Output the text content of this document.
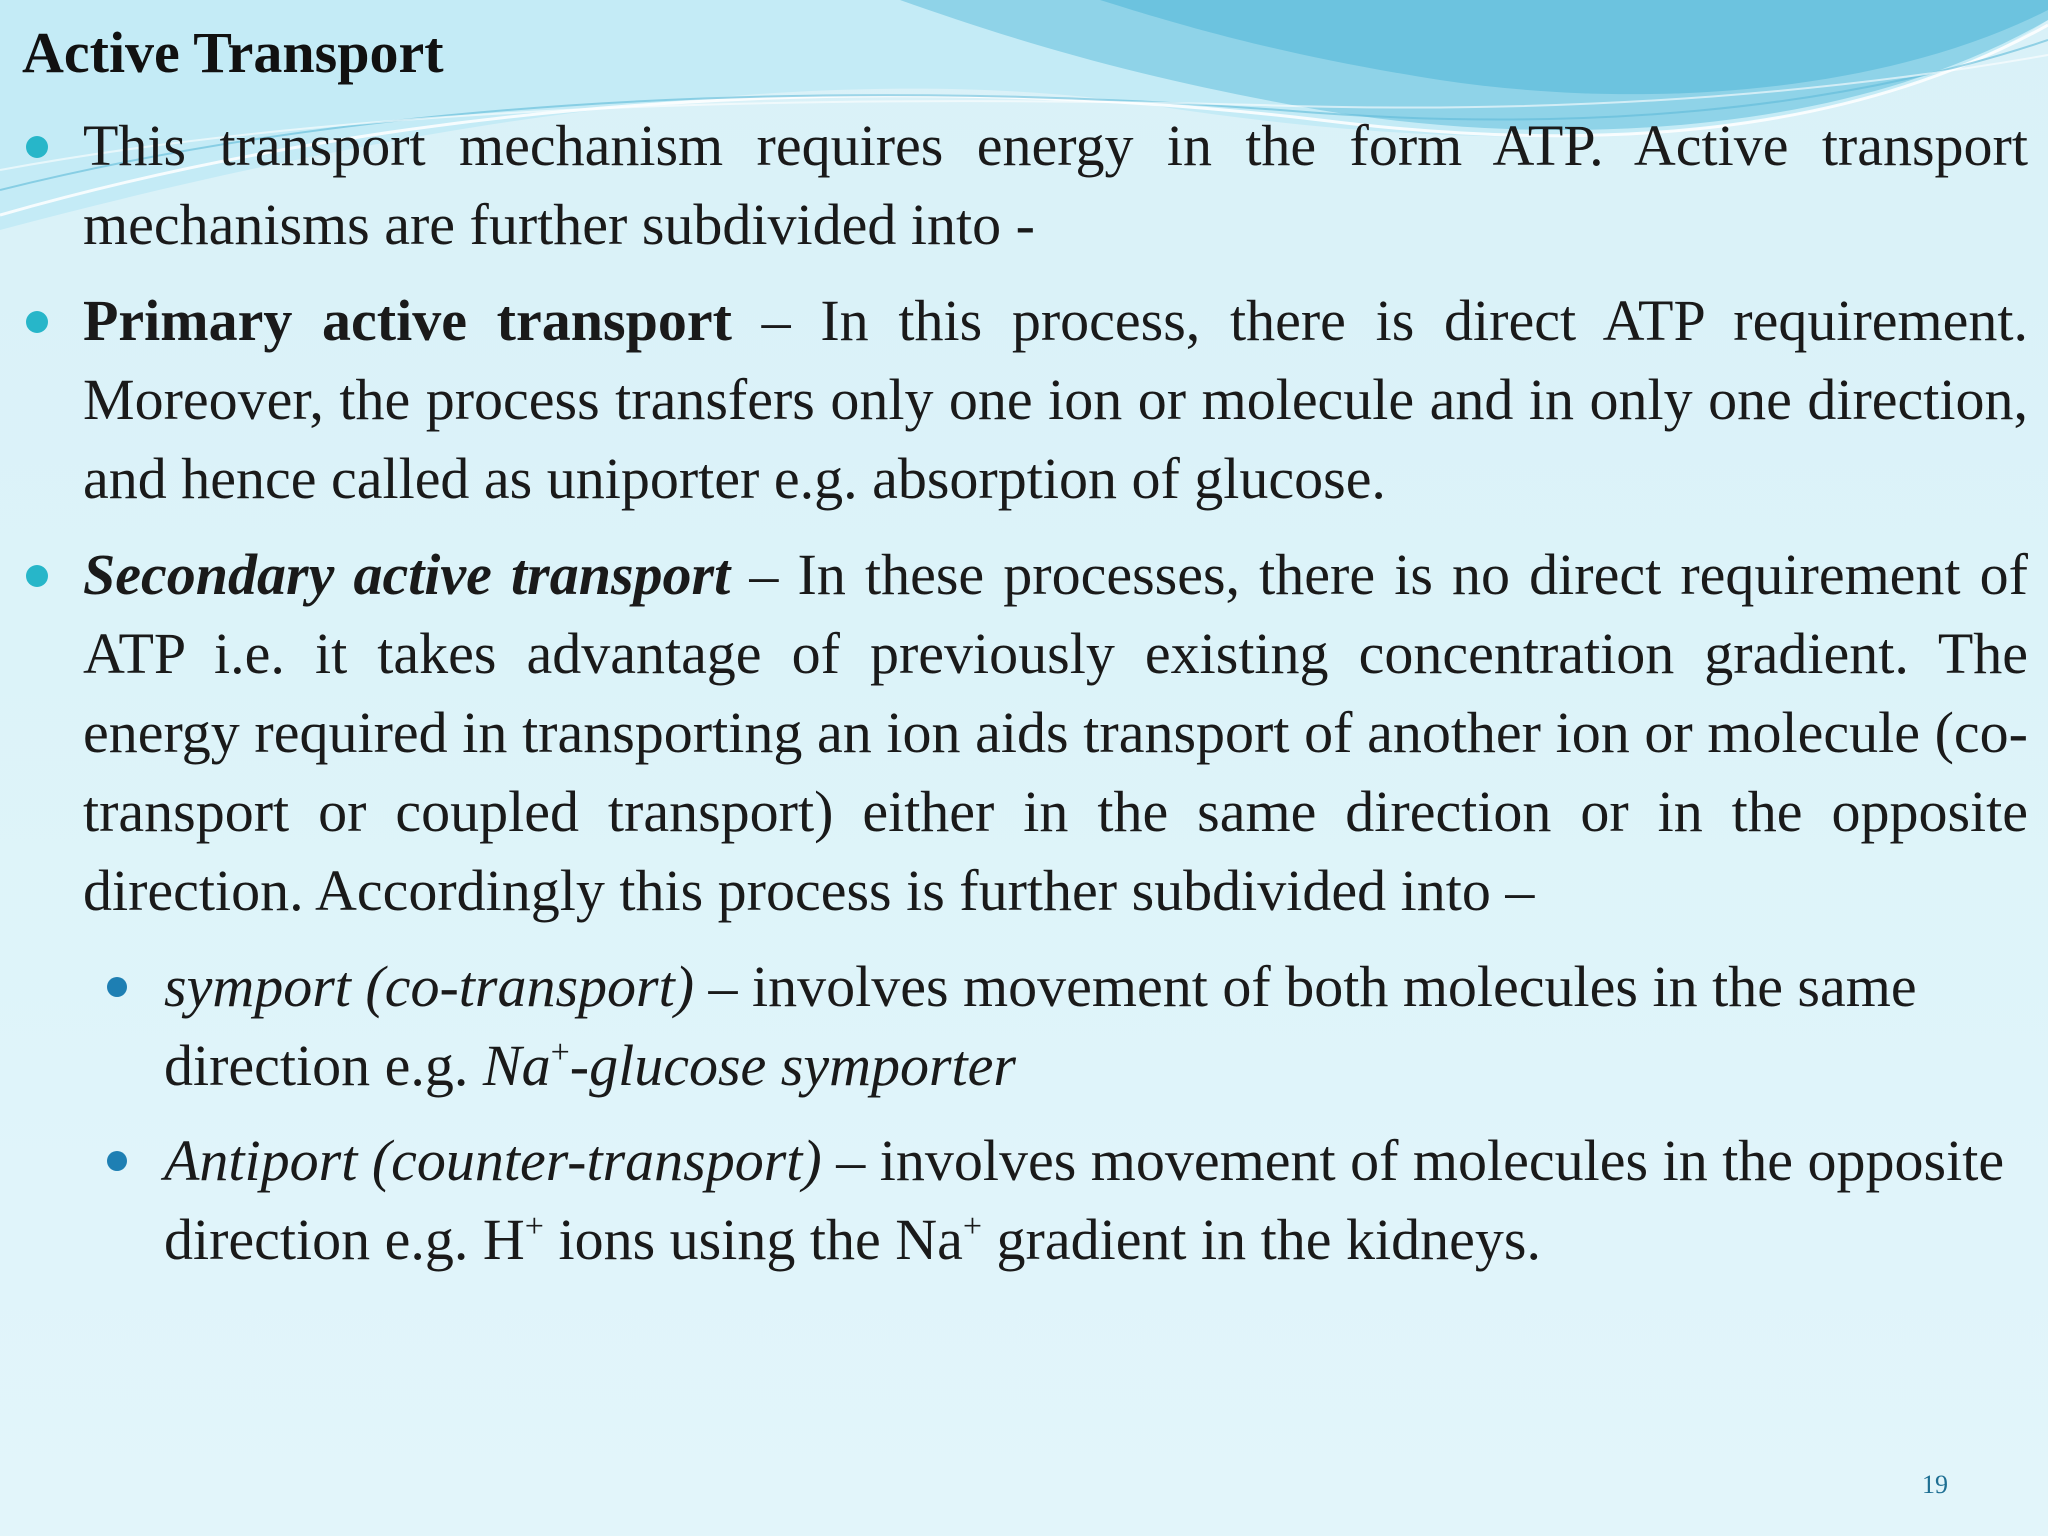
Active Transport
This transport mechanism requires energy in the form ATP. Active transport mechanisms are further subdivided into -
Primary active transport – In this process, there is direct ATP requirement. Moreover, the process transfers only one ion or molecule and in only one direction, and hence called as uniporter e.g. absorption of glucose.
Secondary active transport – In these processes, there is no direct requirement of ATP i.e. it takes advantage of previously existing concentration gradient. The energy required in transporting an ion aids transport of another ion or molecule (co-transport or coupled transport) either in the same direction or in the opposite direction. Accordingly this process is further subdivided into –
symport (co-transport) – involves movement of both molecules in the same direction e.g. Na+-glucose symporter
Antiport (counter-transport) – involves movement of molecules in the opposite direction e.g. H+ ions using the Na+ gradient in the kidneys.
19
